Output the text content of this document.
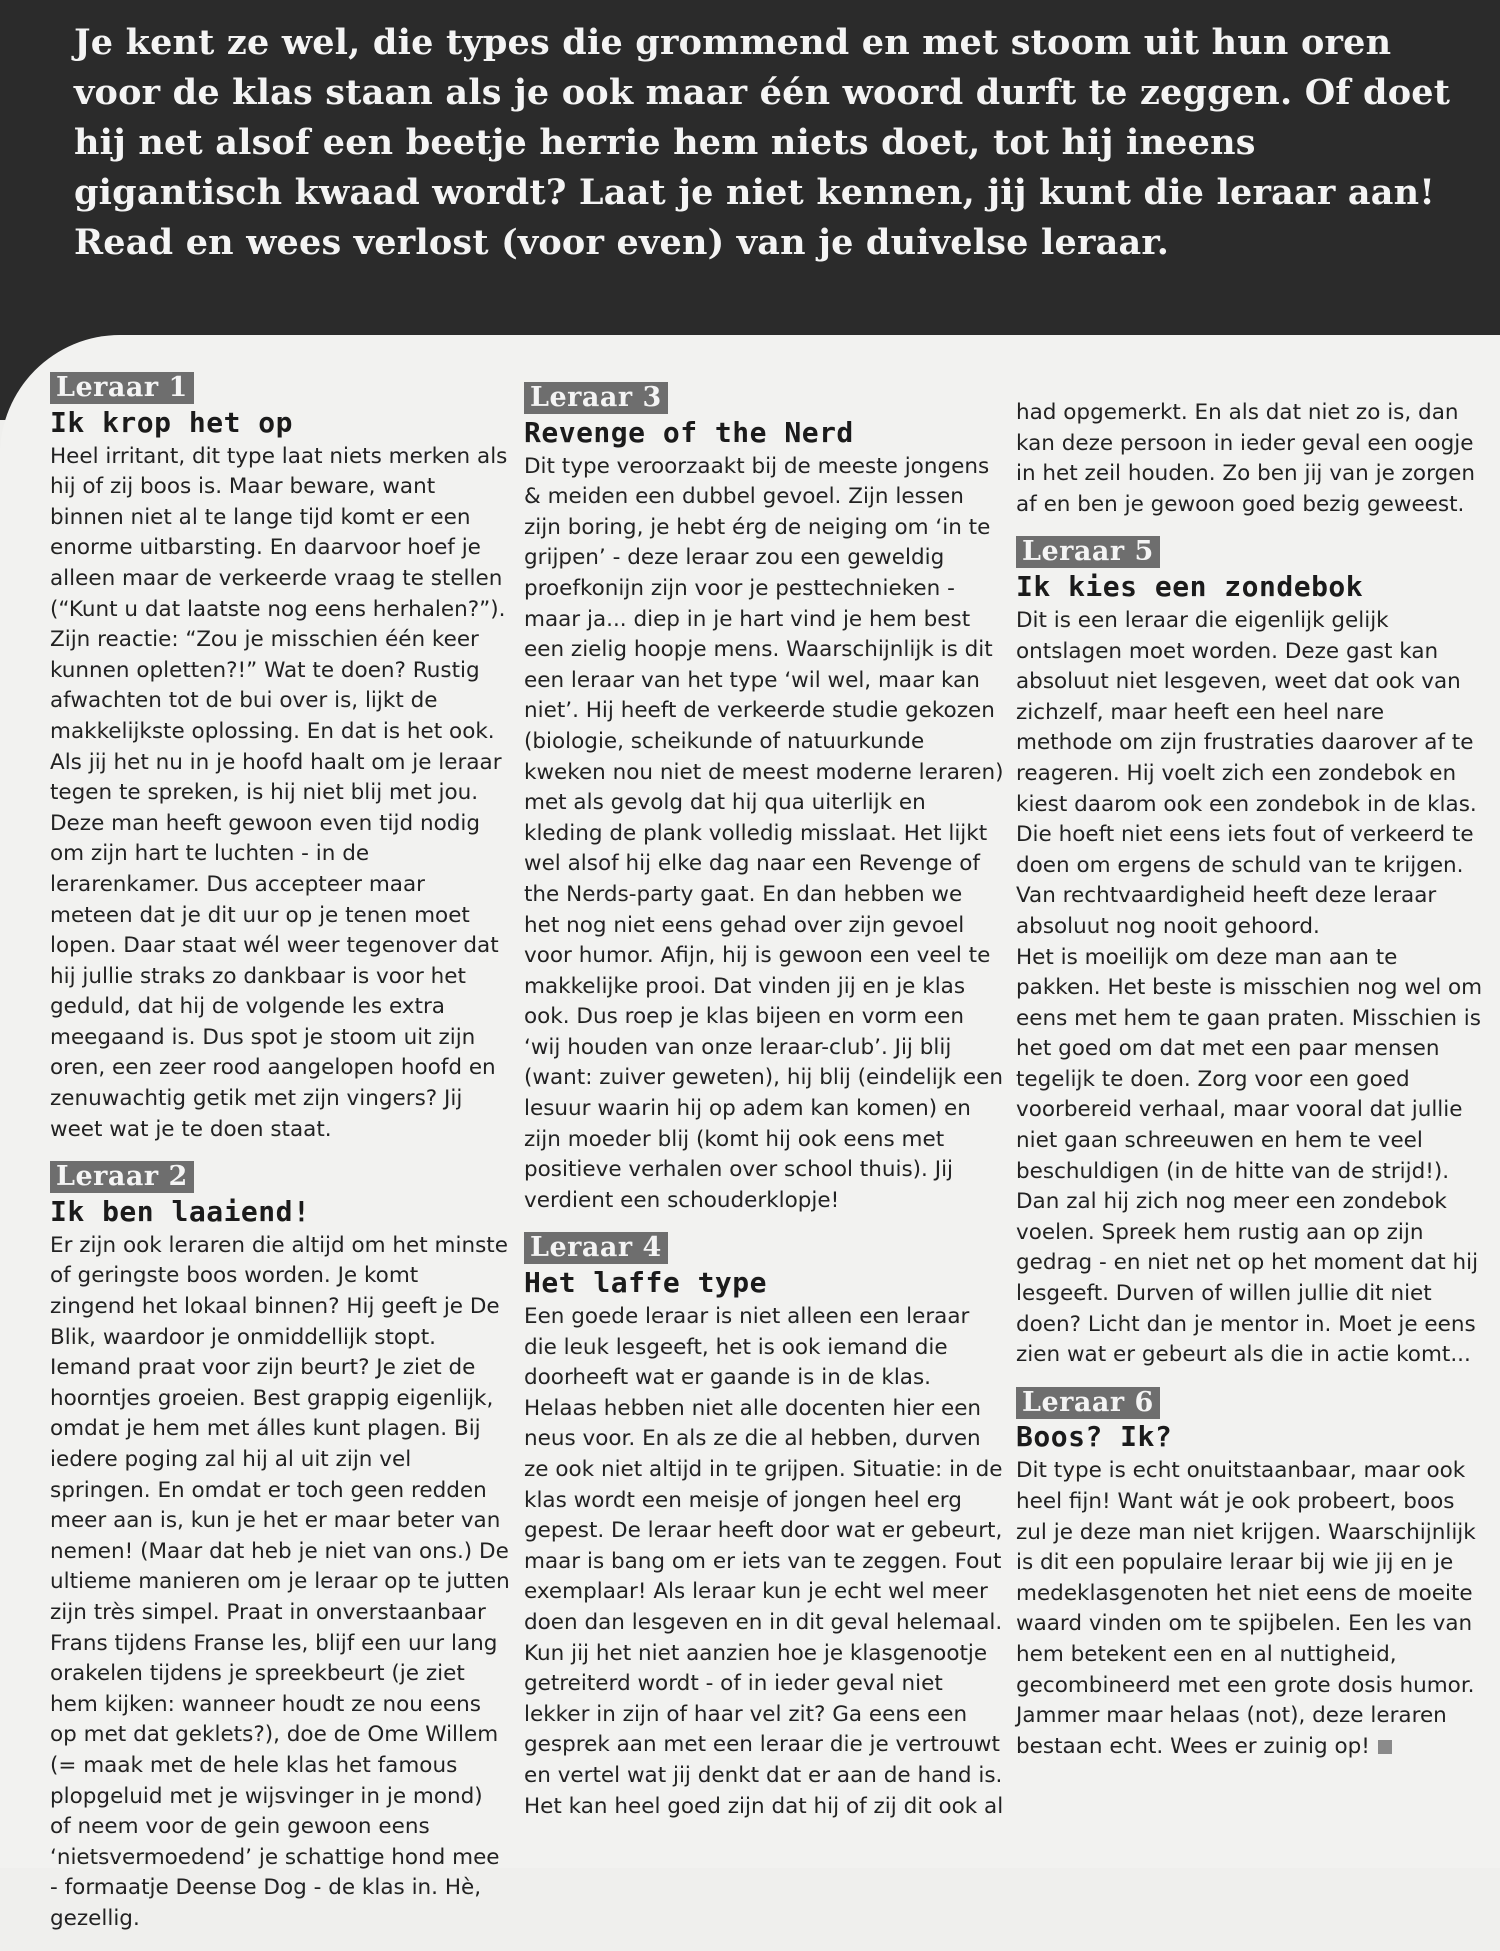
Je kent ze wel, die types die grommend en met stoom uit hun oren voor de klas staan als je ook maar één woord durft te zeggen. Of doet hij net alsof een beetje herrie hem niets doet, tot hij ineens gigantisch kwaad wordt? Laat je niet kennen, jij kunt die leraar aan! Read en wees verlost (voor even) van je duivelse leraar.

Leraar 1
Ik krop het op

Heel irritant, dit type laat niets merken als hij of zij boos is. Maar beware, want binnen niet al te lange tijd komt er een enorme uitbarsting. En daarvoor hoef je alleen maar de verkeerde vraag te stellen (“Kunt u dat laatste nog eens herhalen?”). Zijn reactie: “Zou je misschien één keer kunnen opletten?!” Wat te doen? Rustig afwachten tot de bui over is, lijkt de makkelijkste oplossing. En dat is het ook. Als jij het nu in je hoofd haalt om je leraar tegen te spreken, is hij niet blij met jou. Deze man heeft gewoon even tijd nodig om zijn hart te luchten - in de lerarenkamer. Dus accepteer maar meteen dat je dit uur op je tenen moet lopen. Daar staat wél weer tegenover dat hij jullie straks zo dankbaar is voor het geduld, dat hij de volgende les extra meegaand is. Dus spot je stoom uit zijn oren, een zeer rood aangelopen hoofd en zenuwachtig getik met zijn vingers? Jij weet wat je te doen staat.

Leraar 2
Ik ben laaiend!

Er zijn ook leraren die altijd om het minste of geringste boos worden. Je komt zingend het lokaal binnen? Hij geeft je De Blik, waardoor je onmiddellijk stopt. Iemand praat voor zijn beurt? Je ziet de hoorntjes groeien. Best grappig eigenlijk, omdat je hem met álles kunt plagen. Bij iedere poging zal hij al uit zijn vel springen. En omdat er toch geen redden meer aan is, kun je het er maar beter van nemen! (Maar dat heb je niet van ons.) De ultieme manieren om je leraar op te jutten zijn très simpel. Praat in onverstaanbaar Frans tijdens Franse les, blijf een uur lang orakelen tijdens je spreekbeurt (je ziet hem kijken: wanneer houdt ze nou eens op met dat geklets?), doe de Ome Willem (= maak met de hele klas het famous plopgeluid met je wijsvinger in je mond) of neem voor de gein gewoon eens ‘nietsvermoedend’ je schattige hond mee - formaatje Deense Dog - de klas in. Hè, gezellig.

Leraar 3
Revenge of the Nerd

Dit type veroorzaakt bij de meeste jongens & meiden een dubbel gevoel. Zijn lessen zijn boring, je hebt érg de neiging om ‘in te grijpen’ - deze leraar zou een geweldig proefkonijn zijn voor je pesttechnieken - maar ja... diep in je hart vind je hem best een zielig hoopje mens. Waarschijnlijk is dit een leraar van het type ‘wil wel, maar kan niet’. Hij heeft de verkeerde studie gekozen (biologie, scheikunde of natuurkunde kweken nou niet de meest moderne leraren) met als gevolg dat hij qua uiterlijk en kleding de plank volledig misslaat. Het lijkt wel alsof hij elke dag naar een Revenge of the Nerds-party gaat. En dan hebben we het nog niet eens gehad over zijn gevoel voor humor. Afijn, hij is gewoon een veel te makkelijke prooi. Dat vinden jij en je klas ook. Dus roep je klas bijeen en vorm een ‘wij houden van onze leraar-club’. Jij blij (want: zuiver geweten), hij blij (eindelijk een lesuur waarin hij op adem kan komen) en zijn moeder blij (komt hij ook eens met positieve verhalen over school thuis). Jij verdient een schouderklopje!

Leraar 4
Het laffe type

Een goede leraar is niet alleen een leraar die leuk lesgeeft, het is ook iemand die doorheeft wat er gaande is in de klas. Helaas hebben niet alle docenten hier een neus voor. En als ze die al hebben, durven ze ook niet altijd in te grijpen. Situatie: in de klas wordt een meisje of jongen heel erg gepest. De leraar heeft door wat er gebeurt, maar is bang om er iets van te zeggen. Fout exemplaar! Als leraar kun je echt wel meer doen dan lesgeven en in dit geval helemaal. Kun jij het niet aanzien hoe je klasgenootje getreiterd wordt - of in ieder geval niet lekker in zijn of haar vel zit? Ga eens een gesprek aan met een leraar die je vertrouwt en vertel wat jij denkt dat er aan de hand is. Het kan heel goed zijn dat hij of zij dit ook al

had opgemerkt. En als dat niet zo is, dan kan deze persoon in ieder geval een oogje in het zeil houden. Zo ben jij van je zorgen af en ben je gewoon goed bezig geweest.

Leraar 5
Ik kies een zondebok

Dit is een leraar die eigenlijk gelijk ontslagen moet worden. Deze gast kan absoluut niet lesgeven, weet dat ook van zichzelf, maar heeft een heel nare methode om zijn frustraties daarover af te reageren. Hij voelt zich een zondebok en kiest daarom ook een zondebok in de klas. Die hoeft niet eens iets fout of verkeerd te doen om ergens de schuld van te krijgen. Van rechtvaardigheid heeft deze leraar absoluut nog nooit gehoord.

Het is moeilijk om deze man aan te pakken. Het beste is misschien nog wel om eens met hem te gaan praten. Misschien is het goed om dat met een paar mensen tegelijk te doen. Zorg voor een goed voorbereid verhaal, maar vooral dat jullie niet gaan schreeuwen en hem te veel beschuldigen (in de hitte van de strijd!). Dan zal hij zich nog meer een zondebok voelen. Spreek hem rustig aan op zijn gedrag - en niet net op het moment dat hij lesgeeft. Durven of willen jullie dit niet doen? Licht dan je mentor in. Moet je eens zien wat er gebeurt als die in actie komt...

Leraar 6
Boos? Ik?

Dit type is echt onuitstaanbaar, maar ook heel fijn! Want wát je ook probeert, boos zul je deze man niet krijgen. Waarschijnlijk is dit een populaire leraar bij wie jij en je medeklasgenoten het niet eens de moeite waard vinden om te spijbelen. Een les van hem betekent een en al nuttigheid, gecombineerd met een grote dosis humor. Jammer maar helaas (not), deze leraren bestaan echt. Wees er zuinig op!
